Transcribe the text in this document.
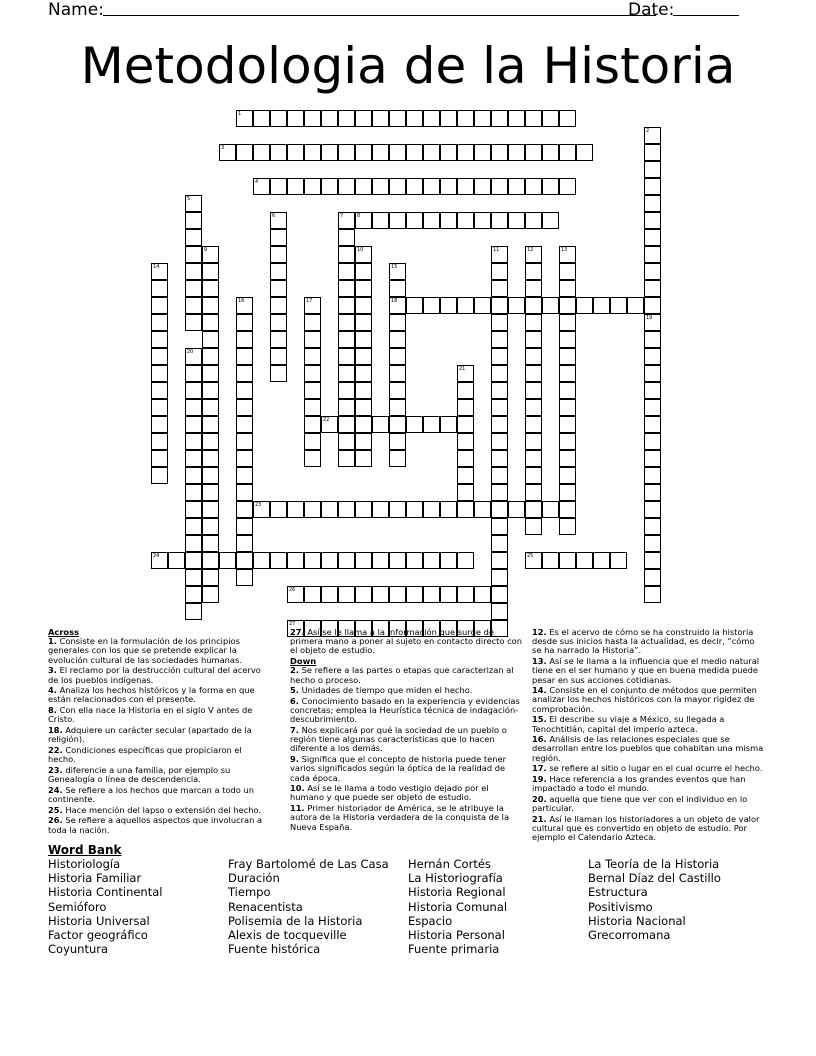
Name:	Date:
Metodologia de la Historia
1
2
3
4
5
6	7	8
9	10	11	12	13
14	15
16	17	18
19
20
21
22
23
24	25
26
27
Across
1. Consiste en la formulación de los principios generales con los que se pretende explicar la evolución cultural de las sociedades humanas.
3. El reclamo por la destrucción cultural del acervo de los pueblos indígenas.
4. Analiza los hechos históricos y la forma en que están relacionados con el presente.
8. Con ella nace la Historia en el siglo V antes de Cristo.
18. Adquiere un carácter secular (apartado de la religión).
22. Condiciones específicas que propiciaron el hecho.
23. diferencie a una familia, por ejemplo su Genealogía o línea de descendencia.
24. Se refiere a los hechos que marcan a todo un continente.
25. Hace mención del lapso o extensión del hecho.
26. Se refiere a aquellos aspectos que involucran a toda la nación.
27. Así se le llama a la información que surge de primera mano a poner al sujeto en contacto directo con el objeto de estudio.
Down
2. Se refiere a las partes o etapas que caracterizan al hecho o proceso.
5. Unidades de tiempo que miden el hecho.
6. Conocimiento basado en la experiencia y evidencias concretas; emplea la Heurística técnica de indagación-descubrimiento.
7. Nos explicará por qué la sociedad de un pueblo o región tiene algunas características que lo hacen diferente a los demás.
9. Significa que el concepto de historia puede tener varios significados según la óptica de la realidad de cada época.
10. Así se le llama a todo vestigio dejado por el humano y que puede ser objeto de estudio.
11. Primer historiador de América, se le atribuye la autora de la Historia verdadera de la conquista de la Nueva España.
12. Es el acervo de cómo se ha construido la historia desde sus inicios hasta la actualidad, es decir, “cómo se ha narrado la Historia”.
13. Así se le llama a la influencia que el medio natural tiene en el ser humano y que en buena medida puede pesar en sus acciones cotidianas.
14. Consiste en el conjunto de métodos que permiten analizar los hechos históricos con la mayor rigidez de comprobación.
15. El describe su viaje a México, su llegada a Tenochtitlán, capital del imperio azteca.
16. Análisis de las relaciones especiales que se desarrollan entre los pueblos que cohabitan una misma región.
17. se refiere al sitio o lugar en el cual ocurre el hecho.
19. Hace referencia a los grandes eventos que han impactado a todo el mundo.
20. aquella que tiene que ver con el individuo en lo particular.
21. Así le llaman los historiadores a un objeto de valor cultural que es convertido en objeto de estudio. Por ejemplo el Calendario Azteca.
Word Bank
Historiología
Historia Familiar
Historia Continental
Semióforo
Historia Universal
Factor geográfico
Coyuntura
Fray Bartolomé de Las Casa
Duración
Tiempo
Renacentista
Polisemia de la Historia
Alexis de tocqueville
Fuente histórica
Hernán Cortés
La Historiografía
Historia Regional
Historia Comunal
Espacio
Historia Personal
Fuente primaria
La Teoría de la Historia
Bernal Díaz del Castillo
Estructura
Positivismo
Historia Nacional
Grecorromana
